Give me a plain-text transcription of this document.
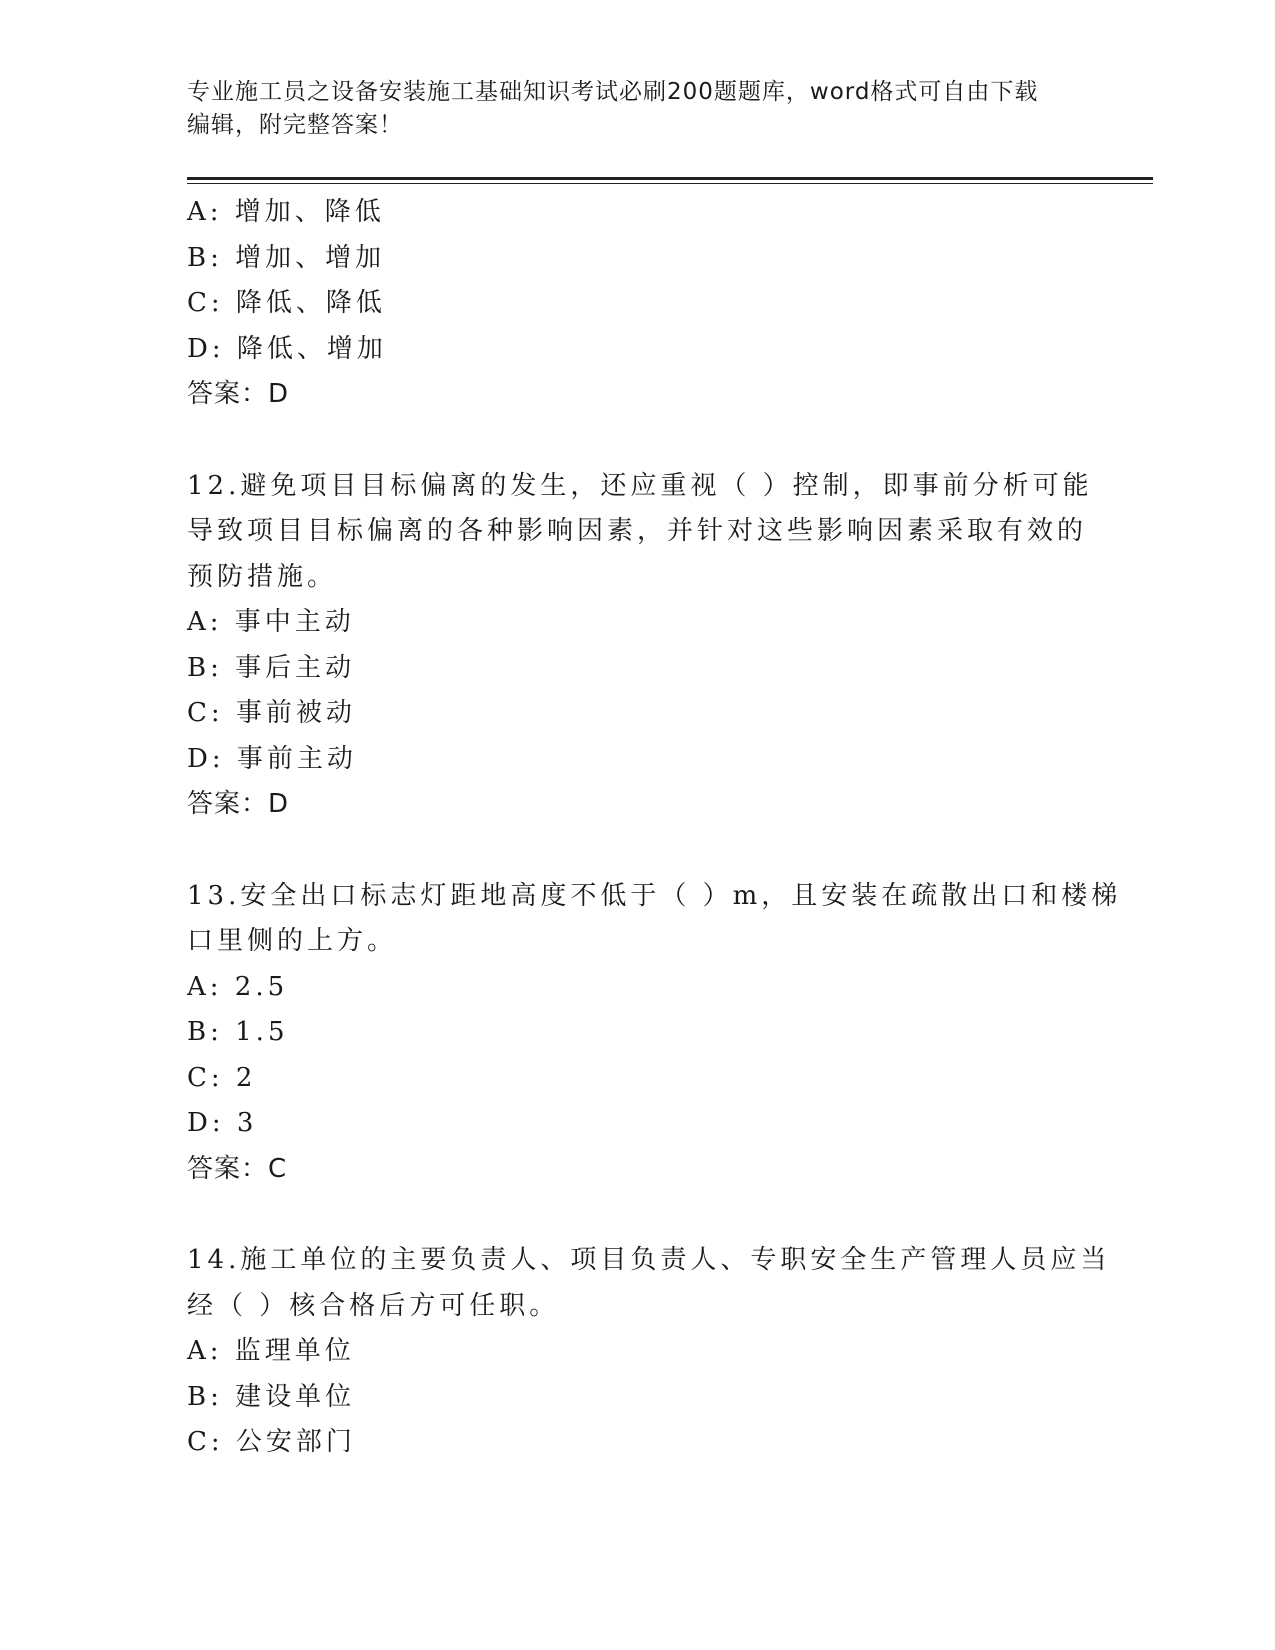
专业施工员之设备安装施工基础知识考试必刷200题题库，word格式可自由下载
编辑，附完整答案！
A: 增加、降低
B: 增加、增加
C: 降低、降低
D: 降低、增加
答案：D
12.避免项目目标偏离的发生，还应重视（ ）控制，即事前分析可能
导致项目目标偏离的各种影响因素，并针对这些影响因素采取有效的
预防措施。
A: 事中主动
B: 事后主动
C: 事前被动
D: 事前主动
答案：D
13.安全出口标志灯距地高度不低于（ ）m，且安装在疏散出口和楼梯
口里侧的上方。
A: 2.5
B: 1.5
C: 2
D: 3
答案：C
14.施工单位的主要负责人、项目负责人、专职安全生产管理人员应当
经（ ）核合格后方可任职。
A: 监理单位
B: 建设单位
C: 公安部门
